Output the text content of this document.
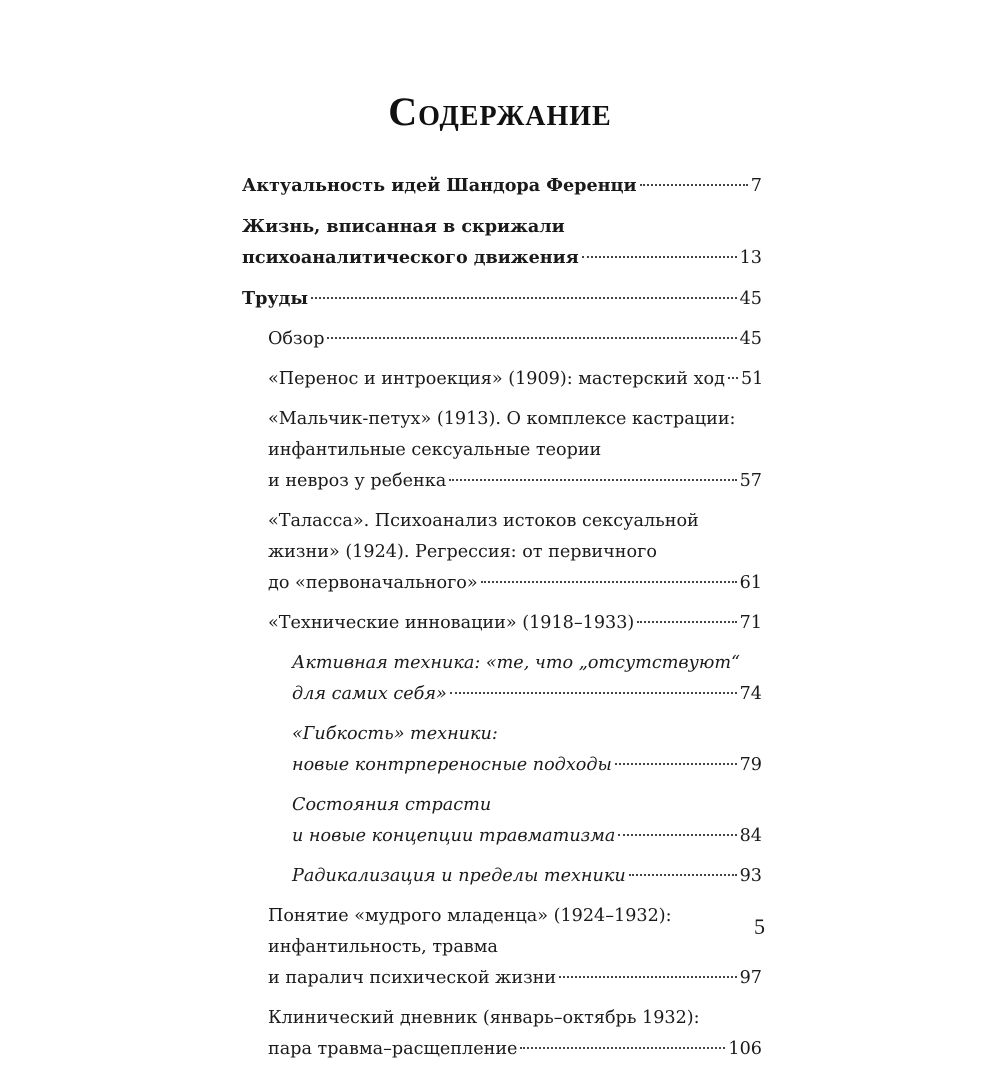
Содержание
Актуальность идей Шандора Ференци	7
Жизнь, вписанная в скрижали
психоаналитического движения	13
Труды	45
Обзор	45
«Перенос и интроекция» (1909): мастерский ход 51
«Мальчик-петух» (1913). О комплексе кастрации:
инфантильные сексуальные теории
и невроз у ребенка	57
«Таласса». Психоанализ истоков сексуальной
жизни» (1924). Регрессия: от первичного
до «первоначального»	61
«Технические инновации» (1918–1933)	71
Активная техника: «те, что „отсутствуют“
для самих себя»	74
«Гибкость» техники:
новые контрпереносные подходы	79
Состояния страсти
и новые концепции травматизма	84
Радикализация и пределы техники	93
Понятие «мудрого младенца» (1924–1932):
инфантильность, травма
и паралич психической жизни	97
Клинический дневник (январь–октябрь 1932):
пара травма–расщепление	106
5
